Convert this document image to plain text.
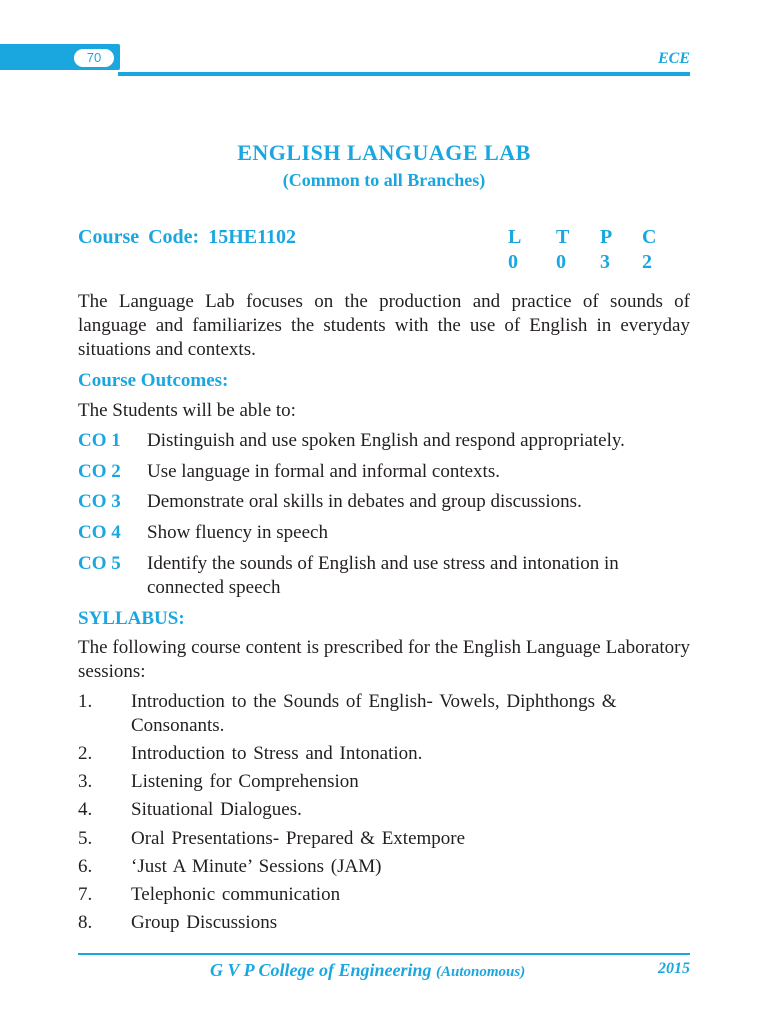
70	ECE
ENGLISH LANGUAGE LAB
(Common to all Branches)
Course Code: 15HE1102	L	T	P	C
0	0	3	2
The Language Lab focuses on the production and practice of sounds of language and familiarizes the students with the use of English in everyday situations and contexts.
Course Outcomes:
The Students will be able to:
CO 1 Distinguish and use spoken English and respond appropriately.
CO 2 Use language in formal and informal contexts.
CO 3 Demonstrate oral skills in debates and group discussions.
CO 4 Show fluency in speech
CO 5 Identify the sounds of English and use stress and intonation in connected speech
SYLLABUS:
The following course content is prescribed for the English Language Laboratory sessions:
1. Introduction to the Sounds of English- Vowels, Diphthongs & Consonants.
2. Introduction to Stress and Intonation.
3. Listening for Comprehension
4. Situational Dialogues.
5. Oral Presentations- Prepared & Extempore
6. ‘Just A Minute’ Sessions (JAM)
7. Telephonic communication
8. Group Discussions
G V P College of Engineering (Autonomous)	2015
